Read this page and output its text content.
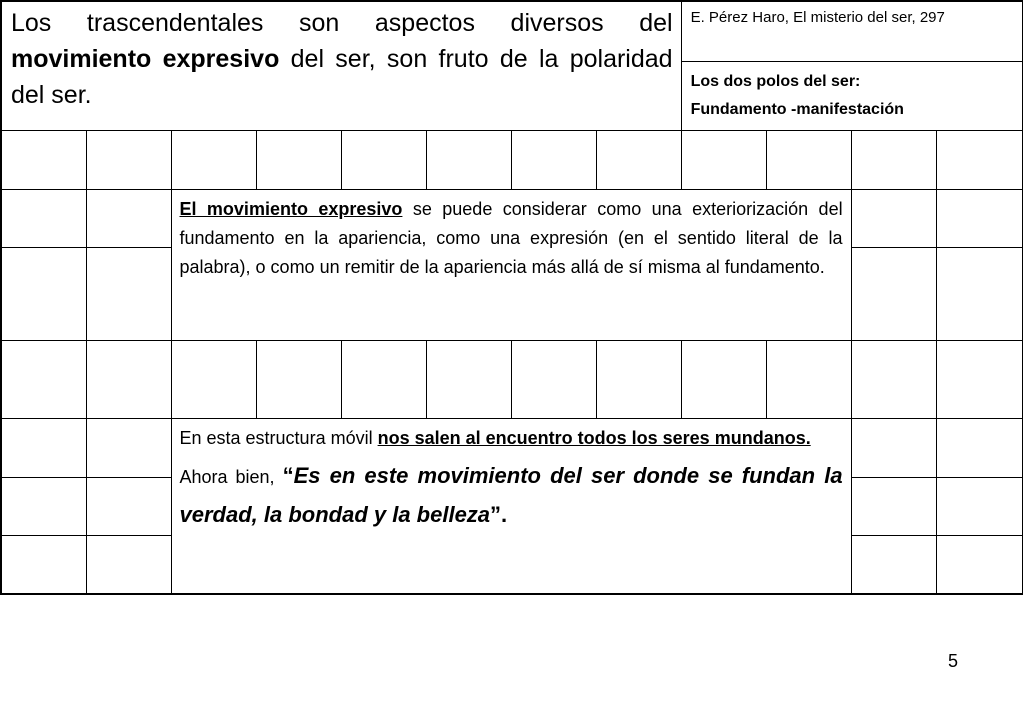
Los trascendentales son aspectos diversos del movimiento expresivo del ser, son fruto de la polaridad del ser.								E. Pérez Haro, El misterio del ser, 297			

								Los dos polos del ser:
Fundamento -manifestación			

		El movimiento expresivo se puede considerar como una exteriorización del fundamento en la apariencia, como una expresión (en el sentido literal de la palabra), o como un remitir de la apariencia más allá de sí misma al fundamento.									

		En esta estructura móvil nos salen al encuentro todos los seres mundanos.
Ahora bien, “Es en este movimiento del ser donde se fundan la verdad, la bondad y la belleza”.									

5
